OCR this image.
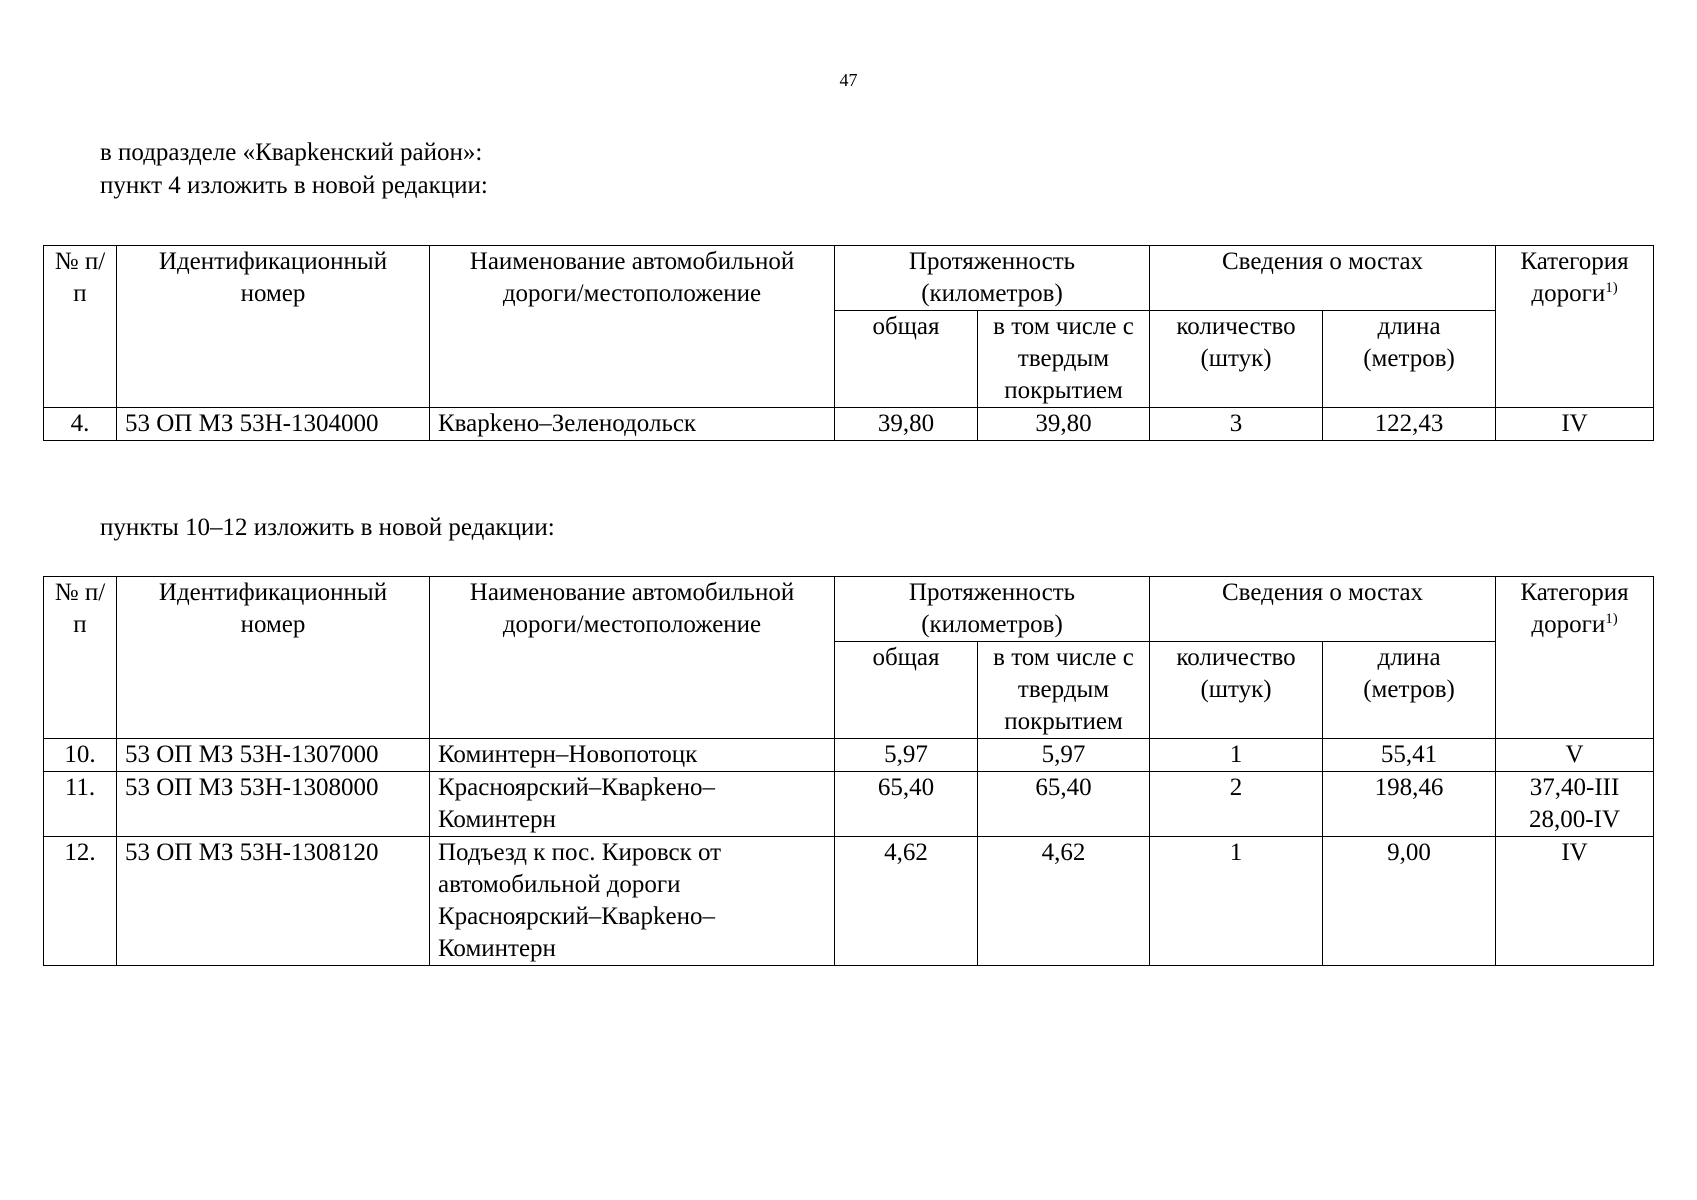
47
в подразделе «Кварkенский район»:
пункт 4 изложить в новой редакции:
№ п/п	Идентификационный номер	Наименование автомобильной дороги/местоположение	Протяженность (километров)		Сведения о мостах		Категория дороги$^{1)}$
			общая	в том числе с твердым покрытием	количество (штук)	длина (метров)	
4.	53 ОП МЗ 53Н-1304000	Кварkено–Зеленодольск	39,80	39,80	3	122,43	IV
пункты 10–12 изложить в новой редакции:
№ п/п	Идентификационный номер	Наименование автомобильной дороги/местоположение	Протяженность (километров)		Сведения о мостах		Категория дороги$^{1)}$
			общая	в том числе с твердым покрытием	количество (штук)	длина (метров)	
10.	53 ОП МЗ 53Н-1307000	Коминтерн–Новопотоцк	5,97	5,97	1	55,41	V
11.	53 ОП МЗ 53Н-1308000	Красноярский–Кварkено–Коминтерн	65,40	65,40	2	198,46	37,40-III
28,00-IV

12.	53 ОП МЗ 53Н-1308120	Подъезд к пос. Кировск от автомобильной дороги Красноярский–Кварkено–Коминтерн	4,62	4,62	1	9,00	IV
